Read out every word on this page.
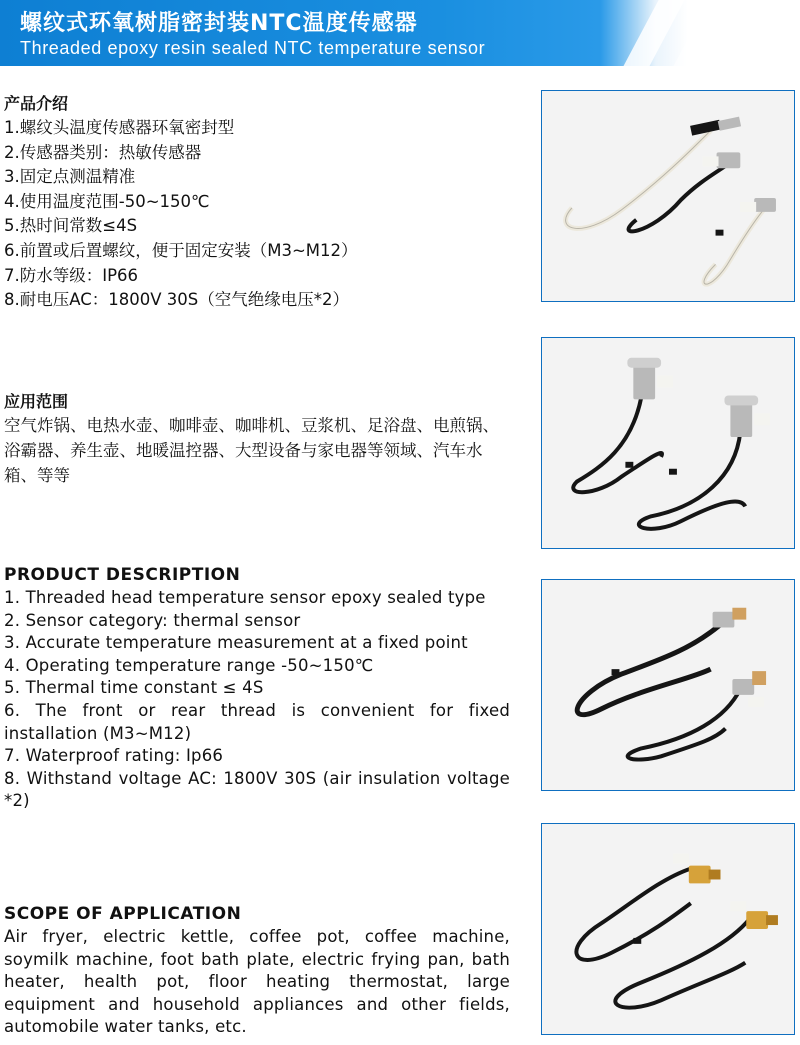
螺纹式环氧树脂密封装NTC温度传感器
Threaded epoxy resin sealed NTC temperature sensor
产品介绍
1.螺纹头温度传感器环氧密封型
2.传感器类别：热敏传感器
3.固定点测温精准
4.使用温度范围-50~150℃
5.热时间常数≤4S
6.前置或后置螺纹，便于固定安装（M3~M12）
7.防水等级：IP66
8.耐电压AC：1800V 30S（空气绝缘电压*2）
应用范围
空气炸锅、电热水壶、咖啡壶、咖啡机、豆浆机、足浴盘、电煎锅、浴霸器、养生壶、地暖温控器、大型设备与家电器等领域、汽车水箱、等等
PRODUCT DESCRIPTION
1. Threaded head temperature sensor epoxy sealed type
2. Sensor category: thermal sensor
3. Accurate temperature measurement at a fixed point
4. Operating temperature range -50~150℃
5. Thermal time constant ≤ 4S
6. The front or rear thread is convenient for fixed installation (M3~M12)
7. Waterproof rating: Ip66
8. Withstand voltage AC: 1800V 30S (air insulation voltage *2)
SCOPE OF APPLICATION
Air fryer, electric kettle, coffee pot, coffee machine, soymilk machine, foot bath plate, electric frying pan, bath heater, health pot, floor heating thermostat, large equipment and household appliances and other fields, automobile water tanks, etc.
